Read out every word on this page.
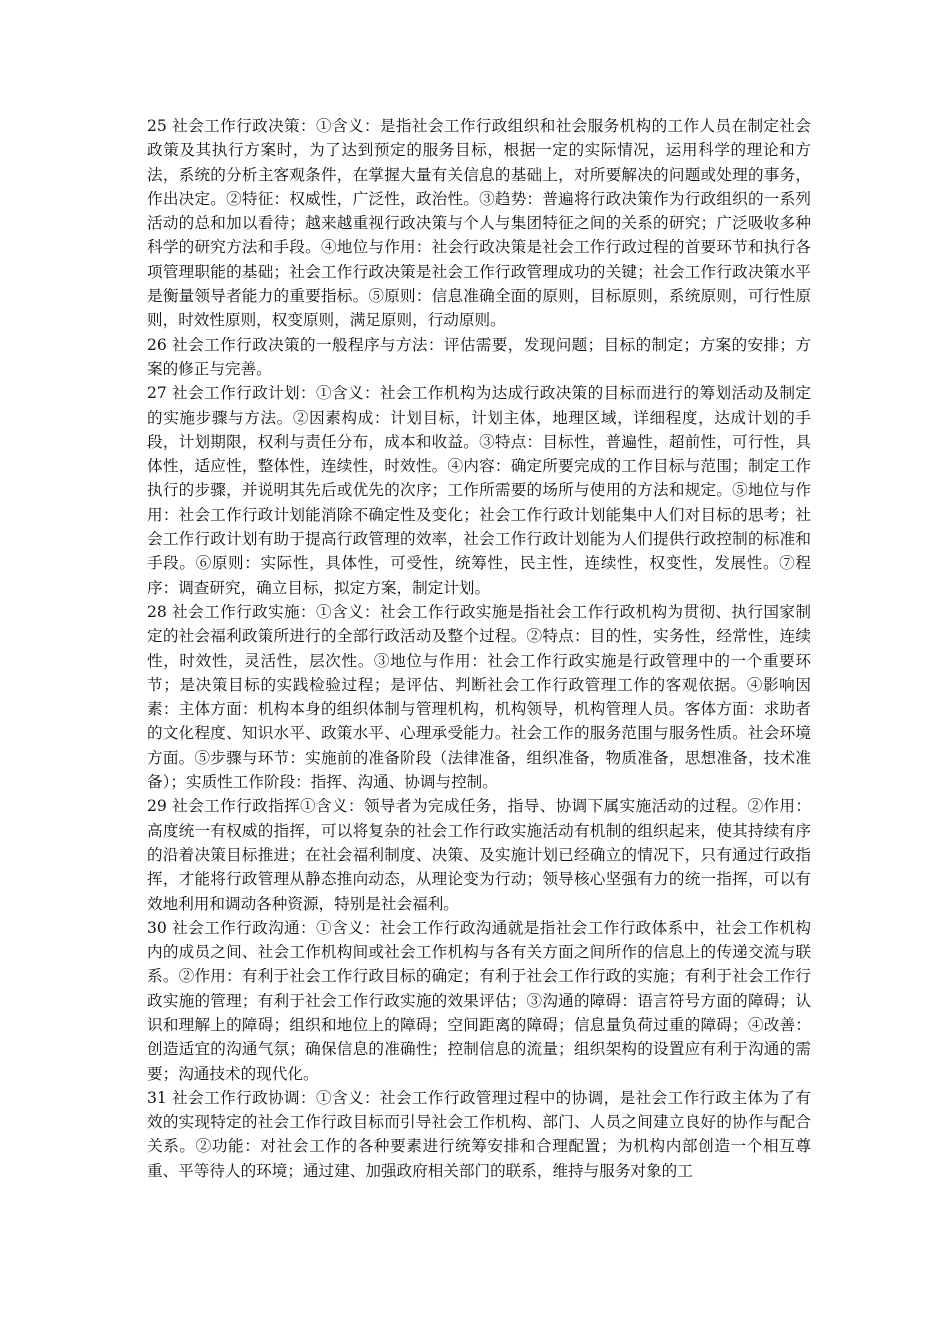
25 社会工作行政决策：①含义：是指社会工作行政组织和社会服务机构的工作人员在制定社会政策及其执行方案时，为了达到预定的服务目标，根据一定的实际情况，运用科学的理论和方法，系统的分析主客观条件，在掌握大量有关信息的基础上，对所要解决的问题或处理的事务，作出决定。②特征：权威性，广泛性，政治性。③趋势：普遍将行政决策作为行政组织的一系列活动的总和加以看待；越来越重视行政决策与个人与集团特征之间的关系的研究；广泛吸收多种科学的研究方法和手段。④地位与作用：社会行政决策是社会工作行政过程的首要环节和执行各项管理职能的基础；社会工作行政决策是社会工作行政管理成功的关键；社会工作行政决策水平是衡量领导者能力的重要指标。⑤原则：信息准确全面的原则，目标原则，系统原则，可行性原则，时效性原则，权变原则，满足原则，行动原则。

26 社会工作行政决策的一般程序与方法：评估需要，发现问题；目标的制定；方案的安排；方案的修正与完善。

27 社会工作行政计划：①含义：社会工作机构为达成行政决策的目标而进行的筹划活动及制定的实施步骤与方法。②因素构成：计划目标，计划主体，地理区域，详细程度，达成计划的手段，计划期限，权利与责任分布，成本和收益。③特点：目标性，普遍性，超前性，可行性，具体性，适应性，整体性，连续性，时效性。④内容：确定所要完成的工作目标与范围；制定工作执行的步骤，并说明其先后或优先的次序；工作所需要的场所与使用的方法和规定。⑤地位与作用：社会工作行政计划能消除不确定性及变化；社会工作行政计划能集中人们对目标的思考；社会工作行政计划有助于提高行政管理的效率，社会工作行政计划能为人们提供行政控制的标准和手段。⑥原则：实际性，具体性，可受性，统筹性，民主性，连续性，权变性，发展性。⑦程序：调查研究，确立目标，拟定方案，制定计划。

28 社会工作行政实施：①含义：社会工作行政实施是指社会工作行政机构为贯彻、执行国家制定的社会福利政策所进行的全部行政活动及整个过程。②特点：目的性，实务性，经常性，连续性，时效性，灵活性，层次性。③地位与作用：社会工作行政实施是行政管理中的一个重要环节；是决策目标的实践检验过程；是评估、判断社会工作行政管理工作的客观依据。④影响因素：主体方面：机构本身的组织体制与管理机构，机构领导，机构管理人员。客体方面：求助者的文化程度、知识水平、政策水平、心理承受能力。社会工作的服务范围与服务性质。社会环境方面。⑤步骤与环节：实施前的准备阶段（法律准备，组织准备，物质准备，思想准备，技术准备）；实质性工作阶段：指挥、沟通、协调与控制。

29 社会工作行政指挥①含义：领导者为完成任务，指导、协调下属实施活动的过程。②作用：高度统一有权威的指挥，可以将复杂的社会工作行政实施活动有机制的组织起来，使其持续有序的沿着决策目标推进；在社会福利制度、决策、及实施计划已经确立的情况下，只有通过行政指挥，才能将行政管理从静态推向动态，从理论变为行动；领导核心坚强有力的统一指挥，可以有效地利用和调动各种资源，特别是社会福利。

30 社会工作行政沟通：①含义：社会工作行政沟通就是指社会工作行政体系中，社会工作机构内的成员之间、社会工作机构间或社会工作机构与各有关方面之间所作的信息上的传递交流与联系。②作用：有利于社会工作行政目标的确定；有利于社会工作行政的实施；有利于社会工作行政实施的管理；有利于社会工作行政实施的效果评估；③沟通的障碍：语言符号方面的障碍；认识和理解上的障碍；组织和地位上的障碍；空间距离的障碍；信息量负荷过重的障碍；④改善：创造适宜的沟通气氛；确保信息的准确性；控制信息的流量；组织架构的设置应有利于沟通的需要；沟通技术的现代化。

31 社会工作行政协调：①含义：社会工作行政管理过程中的协调，是社会工作行政主体为了有效的实现特定的社会工作行政目标而引导社会工作机构、部门、人员之间建立良好的协作与配合关系。②功能：对社会工作的各种要素进行统筹安排和合理配置；为机构内部创造一个相互尊重、平等待人的环境；通过建、加强政府相关部门的联系，维持与服务对象的工
